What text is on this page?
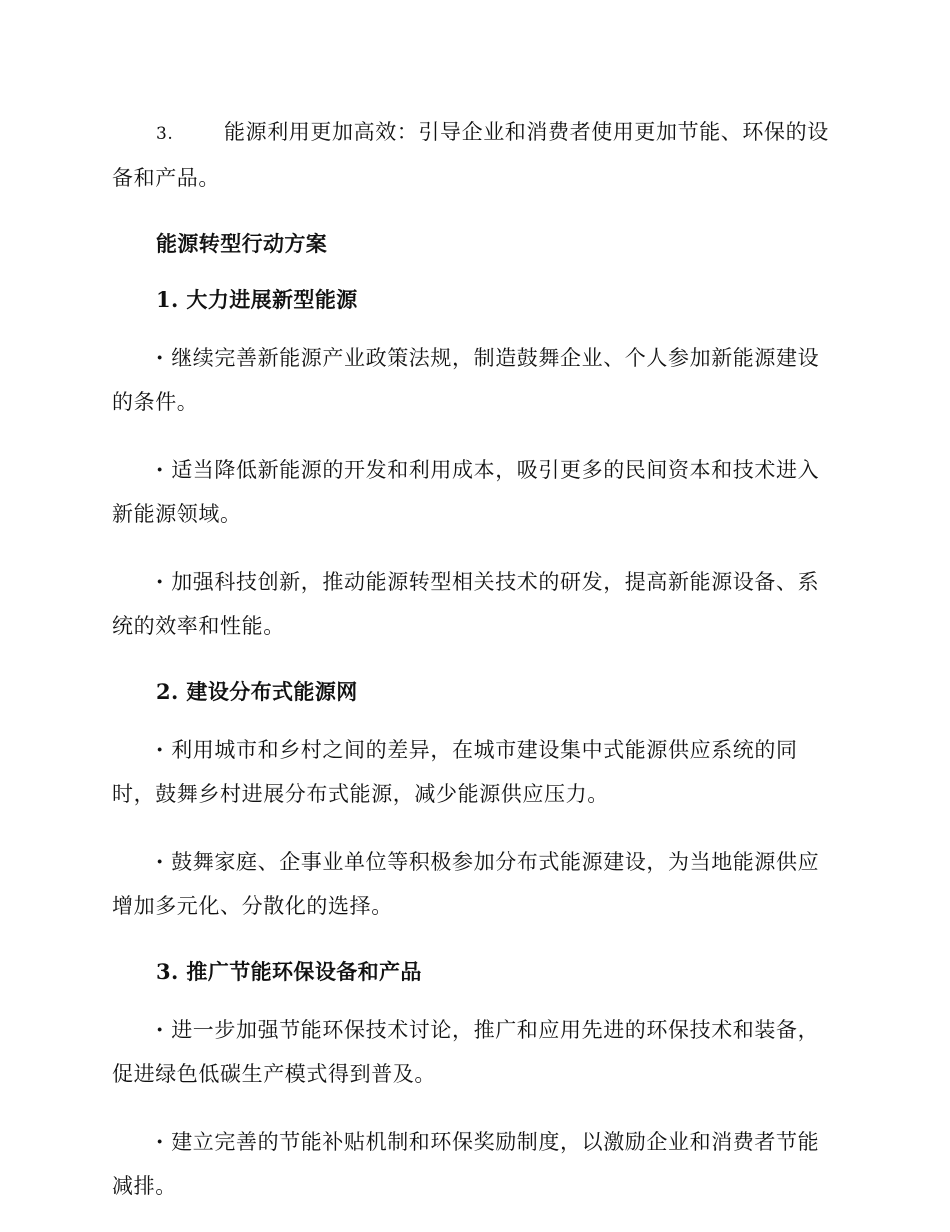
3. 能源利用更加高效：引导企业和消费者使用更加节能、环保的设备和产品。

能源转型行动方案

1. 大力进展新型能源

· 继续完善新能源产业政策法规，制造鼓舞企业、个人参加新能源建设的条件。

· 适当降低新能源的开发和利用成本，吸引更多的民间资本和技术进入新能源领域。

· 加强科技创新，推动能源转型相关技术的研发，提高新能源设备、系统的效率和性能。

2. 建设分布式能源网

· 利用城市和乡村之间的差异，在城市建设集中式能源供应系统的同时，鼓舞乡村进展分布式能源，减少能源供应压力。

· 鼓舞家庭、企事业单位等积极参加分布式能源建设，为当地能源供应增加多元化、分散化的选择。

3. 推广节能环保设备和产品

· 进一步加强节能环保技术讨论，推广和应用先进的环保技术和装备，促进绿色低碳生产模式得到普及。

· 建立完善的节能补贴机制和环保奖励制度，以激励企业和消费者节能减排。
